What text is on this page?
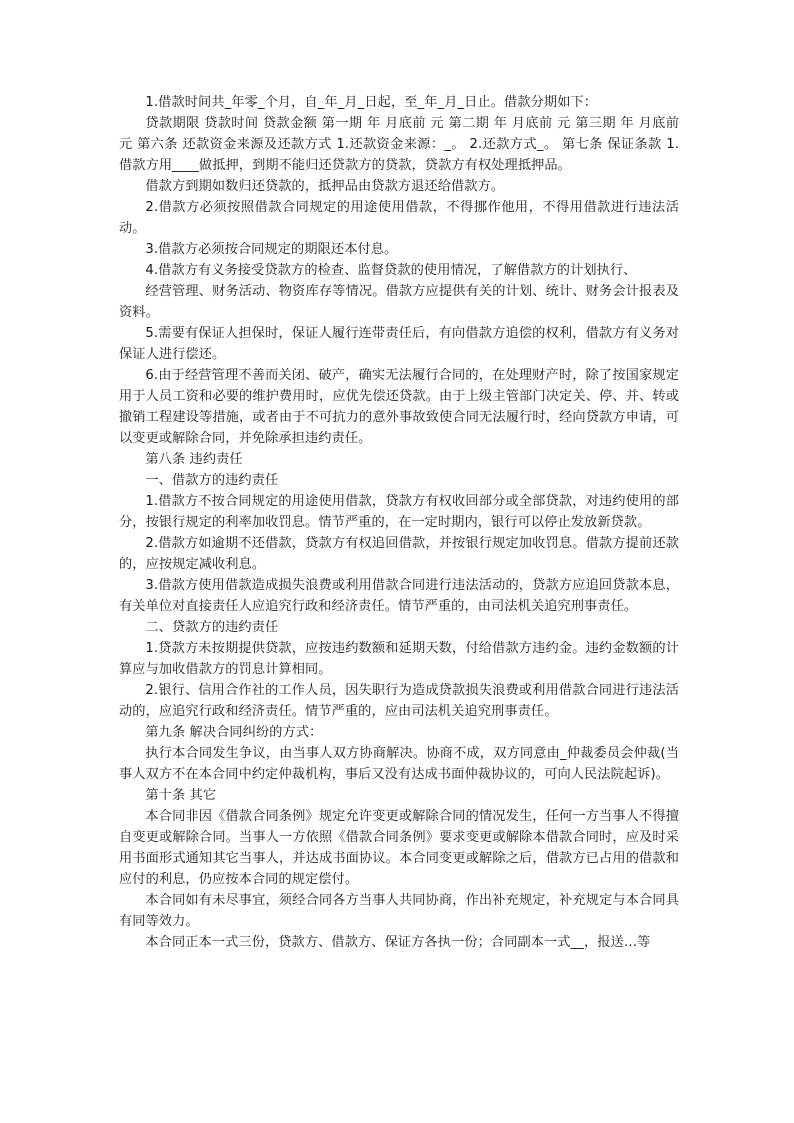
1.借款时间共_年零_个月，自_年_月_日起，至_年_月_日止。借款分期如下：

贷款期限 贷款时间 贷款金额 第一期 年 月底前 元 第二期 年 月底前 元 第三期 年 月底前 元 第六条 还款资金来源及还款方式 1.还款资金来源：_。 2.还款方式_。 第七条 保证条款 1.借款方用____做抵押，到期不能归还贷款方的贷款，贷款方有权处理抵押品。

借款方到期如数归还贷款的，抵押品由贷款方退还给借款方。

2.借款方必须按照借款合同规定的用途使用借款，不得挪作他用，不得用借款进行违法活动。

3.借款方必须按合同规定的期限还本付息。

4.借款方有义务接受贷款方的检查、监督贷款的使用情况，了解借款方的计划执行、

经营管理、财务活动、物资库存等情况。借款方应提供有关的计划、统计、财务会计报表及资料。

5.需要有保证人担保时，保证人履行连带责任后，有向借款方追偿的权利，借款方有义务对保证人进行偿还。

6.由于经营管理不善而关闭、破产，确实无法履行合同的，在处理财产时，除了按国家规定用于人员工资和必要的维护费用时，应优先偿还贷款。由于上级主管部门决定关、停、并、转或撤销工程建设等措施，或者由于不可抗力的意外事故致使合同无法履行时，经向贷款方申请，可以变更或解除合同，并免除承担违约责任。

第八条 违约责任

一、借款方的违约责任

1.借款方不按合同规定的用途使用借款，贷款方有权收回部分或全部贷款，对违约使用的部分，按银行规定的利率加收罚息。情节严重的，在一定时期内，银行可以停止发放新贷款。

2.借款方如逾期不还借款，贷款方有权追回借款，并按银行规定加收罚息。借款方提前还款的，应按规定减收利息。

3.借款方使用借款造成损失浪费或利用借款合同进行违法活动的，贷款方应追回贷款本息，有关单位对直接责任人应追究行政和经济责任。情节严重的，由司法机关追究刑事责任。

二、贷款方的违约责任

1.贷款方未按期提供贷款，应按违约数额和延期天数，付给借款方违约金。违约金数额的计算应与加收借款方的罚息计算相同。

2.银行、信用合作社的工作人员，因失职行为造成贷款损失浪费或利用借款合同进行违法活动的，应追究行政和经济责任。情节严重的，应由司法机关追究刑事责任。

第九条 解决合同纠纷的方式：

执行本合同发生争议，由当事人双方协商解决。协商不成，双方同意由_仲裁委员会仲裁(当事人双方不在本合同中约定仲裁机构，事后又没有达成书面仲裁协议的，可向人民法院起诉)。

第十条 其它

本合同非因《借款合同条例》规定允许变更或解除合同的情况发生，任何一方当事人不得擅自变更或解除合同。当事人一方依照《借款合同条例》要求变更或解除本借款合同时，应及时采用书面形式通知其它当事人，并达成书面协议。本合同变更或解除之后，借款方已占用的借款和应付的利息，仍应按本合同的规定偿付。

本合同如有未尽事宜，须经合同各方当事人共同协商，作出补充规定，补充规定与本合同具有同等效力。

本合同正本一式三份，贷款方、借款方、保证方各执一份；合同副本一式__，报送…等
